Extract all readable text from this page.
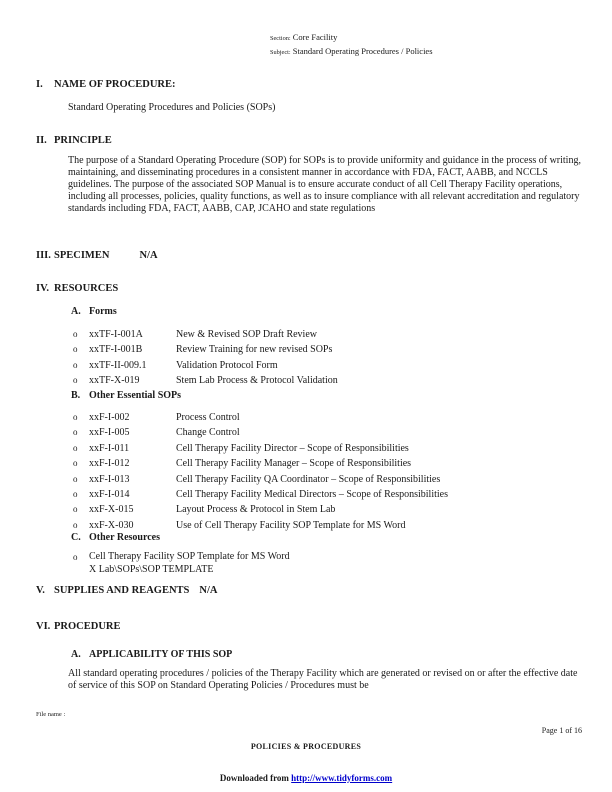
Section: Core Facility
Subject: Standard Operating Procedures / Policies
I.	NAME OF PROCEDURE:
Standard Operating Procedures and Policies (SOPs)
II. PRINCIPLE
The purpose of a Standard Operating Procedure (SOP) for SOPs is to provide uniformity and guidance in the process of writing, maintaining, and disseminating procedures in a consistent manner in accordance with FDA, FACT, AABB, and NCCLS guidelines. The purpose of the associated SOP Manual is to ensure accurate conduct of all Cell Therapy Facility operations, including all processes, policies, quality functions, as well as to insure compliance with all relevant accreditation and regulatory standards including FDA, FACT, AABB, CAP, JCAHO and state regulations
III. SPECIMEN	N/A
IV. RESOURCES
A. Forms
o	xxTF-I-001A	New & Revised SOP Draft Review
o	xxTF-I-001B	Review Training for new revised SOPs
o	xxTF-II-009.1	Validation Protocol Form
o	xxTF-X-019	Stem Lab Process & Protocol Validation
B. Other Essential SOPs
o	xxF-I-002	Process Control
o	xxF-I-005	Change Control
o	xxF-I-011	Cell Therapy Facility Director – Scope of Responsibilities
o	xxF-I-012	Cell Therapy Facility Manager – Scope of Responsibilities
o	xxF-I-013	Cell Therapy Facility QA Coordinator – Scope of Responsibilities
o	xxF-I-014	Cell Therapy Facility Medical Directors – Scope of Responsibilities
o	xxF-X-015	Layout Process & Protocol in Stem Lab
o	xxF-X-030	Use of Cell Therapy Facility SOP Template for MS Word
C. Other Resources
o	Cell Therapy Facility SOP Template for MS Word
X Lab\SOPs\SOP TEMPLATE
V. SUPPLIES AND REAGENTS N/A
VI. PROCEDURE
A. APPLICABILITY OF THIS SOP
All standard operating procedures / policies of the Therapy Facility which are generated or revised on or after the effective date of service of this SOP on Standard Operating Policies / Procedures must be
File name :
Page 1 of 16
POLICIES & PROCEDURES
Downloaded from http://www.tidyforms.com
